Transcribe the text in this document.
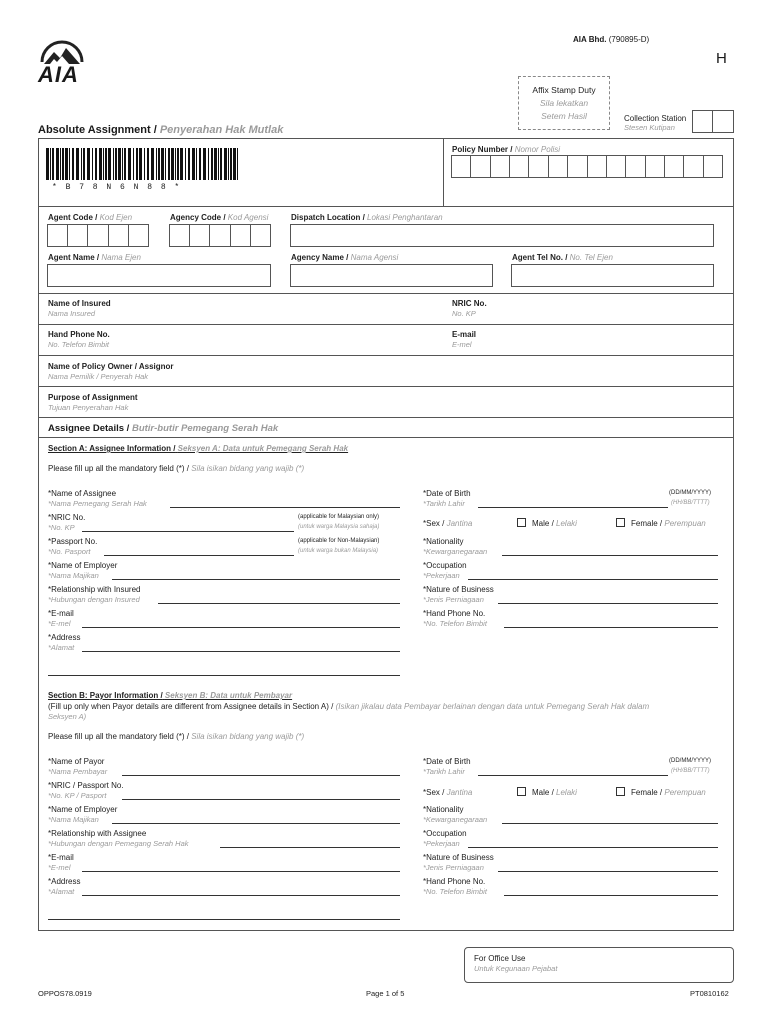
AIA
AIA Bhd. (790895-D)
H
Affix Stamp Duty
Sila lekatkan
Setem Hasil	Collection Station
Stesen Kutipan
Absolute Assignment / Penyerahan Hak Mutlak
* B 7 8 N 6 N 8 8 *
Policy Number / Nomor Polisi
Agent Code / Kod Ejen	Agency Code / Kod Agensi	Dispatch Location / Lokasi Penghantaran
Agent Name / Nama Ejen	Agency Name / Nama Agensi	Agent Tel No. / No. Tel Ejen
Name of Insured
Nama Insured
NRIC No.
No. KP
Hand Phone No.
No. Telefon Bimbit
E-mail
E-mel
Name of Policy Owner / Assignor
Nama Pemilik / Penyerah Hak
Purpose of Assignment
Tujuan Penyerahan Hak
Assignee Details / Butir-butir Pemegang Serah Hak
Section A: Assignee Information / Seksyen A: Data untuk Pemegang Serah Hak
Please fill up all the mandatory field (*) / Sila isikan bidang yang wajib (*)
*Name of Assignee
*Nama Pemegang Serah Hak
*NRIC No.
*No. KP
(applicable for Malaysian only)
(untuk warga Malaysia sahaja)
*Passport No.
*No. Pasport
(applicable for Non-Malaysian)
(untuk warga bukan Malaysia)
*Name of Employer
*Nama Majikan
*Relationship with Insured
*Hubungan dengan Insured
*E-mail
*E-mel
*Address
*Alamat
*Date of Birth
*Tarikh Lahir
(DD/MM/YYYY)
(HH/BB/TTTT)
*Sex / Jantina	Male / Lelaki	Female / Perempuan
*Nationality
*Kewarganegaraan
*Occupation
*Pekerjaan
*Nature of Business
*Jenis Perniagaan
*Hand Phone No.
*No. Telefon Bimbit
Section B: Payor Information / Seksyen B: Data untuk Pembayar
(Fill up only when Payor details are different from Assignee details in Section A) / (Isikan jikalau data Pembayar berlainan dengan data untuk Pemegang Serah Hak dalam
Seksyen A)
Please fill up all the mandatory field (*) / Sila isikan bidang yang wajib (*)
*Name of Payor
*Nama Pembayar
*NRIC / Passport No.
*No. KP / Pasport
*Name of Employer
*Nama Majikan
*Relationship with Assignee
*Hubungan dengan Pemegang Serah Hak
*E-mail
*E-mel
*Address
*Alamat
*Date of Birth
*Tarikh Lahir
(DD/MM/YYYY)
(HH/BB/TTTT)
*Sex / Jantina	Male / Lelaki	Female / Perempuan
*Nationality
*Kewarganegaraan
*Occupation
*Pekerjaan
*Nature of Business
*Jenis Perniagaan
*Hand Phone No.
*No. Telefon Bimbit
For Office Use
Untuk Kegunaan Pejabat
OPPOS78.0919	Page 1 of 5	PT0810162
